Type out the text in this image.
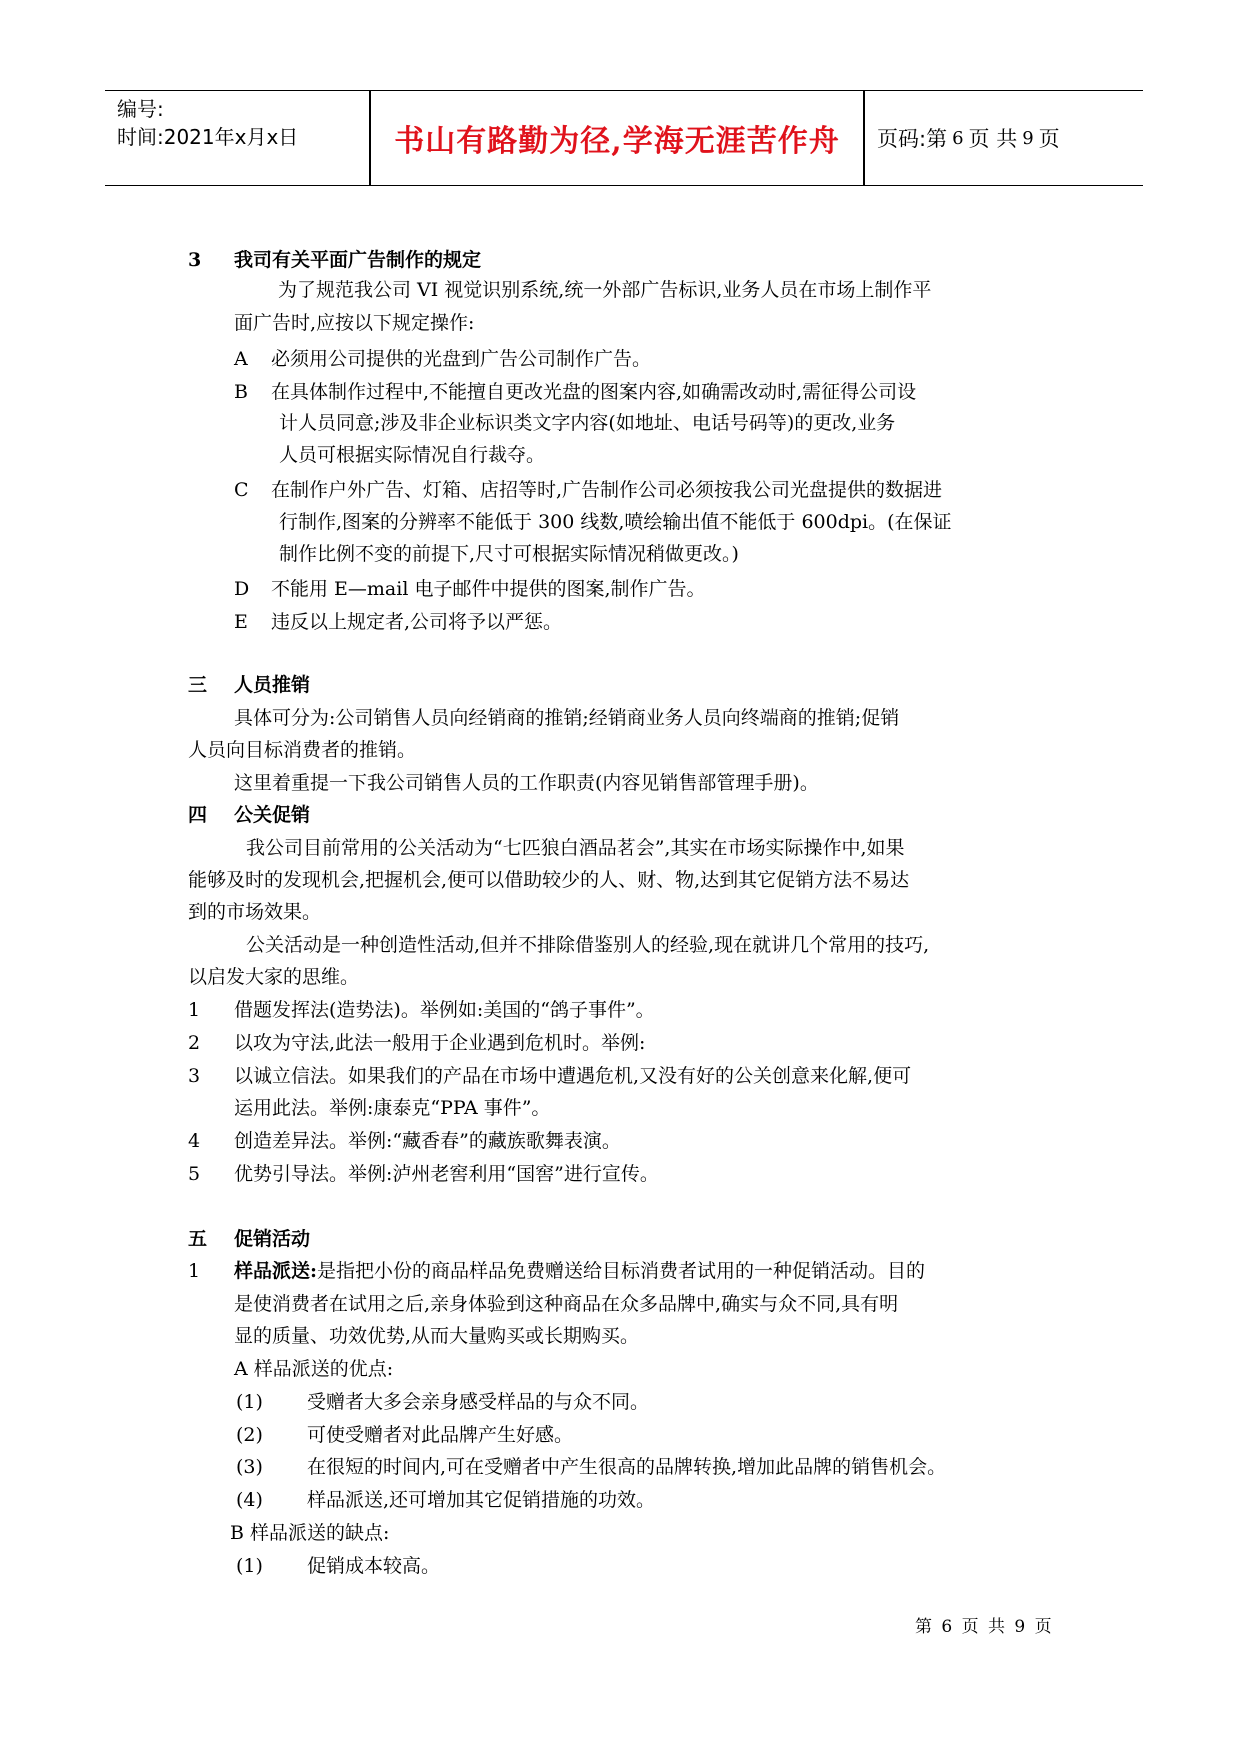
编号:
时间:2021年x月x日	书山有路勤为径,学海无涯苦作舟	页码:第 6 页 共 9 页
3 我司有关平面广告制作的规定
为了规范我公司 VI 视觉识别系统,统一外部广告标识,业务人员在市场上制作平
面广告时,应按以下规定操作:
A 必须用公司提供的光盘到广告公司制作广告。
B 在具体制作过程中,不能擅自更改光盘的图案内容,如确需改动时,需征得公司设
计人员同意;涉及非企业标识类文字内容(如地址、电话号码等)的更改,业务
人员可根据实际情况自行裁夺。
C 在制作户外广告、灯箱、店招等时,广告制作公司必须按我公司光盘提供的数据进
行制作,图案的分辨率不能低于 300 线数,喷绘输出值不能低于 600dpi。(在保证
制作比例不变的前提下,尺寸可根据实际情况稍做更改。)
D 不能用 E—mail 电子邮件中提供的图案,制作广告。
E 违反以上规定者,公司将予以严惩。
三 人员推销
具体可分为:公司销售人员向经销商的推销;经销商业务人员向终端商的推销;促销
人员向目标消费者的推销。
这里着重提一下我公司销售人员的工作职责(内容见销售部管理手册)。
四 公关促销
我公司目前常用的公关活动为“七匹狼白酒品茗会”,其实在市场实际操作中,如果
能够及时的发现机会,把握机会,便可以借助较少的人、财、物,达到其它促销方法不易达
到的市场效果。
公关活动是一种创造性活动,但并不排除借鉴别人的经验,现在就讲几个常用的技巧,
以启发大家的思维。
1 借题发挥法(造势法)。举例如:美国的“鸽子事件”。
2 以攻为守法,此法一般用于企业遇到危机时。举例:
3 以诚立信法。如果我们的产品在市场中遭遇危机,又没有好的公关创意来化解,便可
运用此法。举例:康泰克“PPA 事件”。
4 创造差异法。举例:“藏香春”的藏族歌舞表演。
5 优势引导法。举例:泸州老窖利用“国窖”进行宣传。
五 促销活动
1 样品派送:是指把小份的商品样品免费赠送给目标消费者试用的一种促销活动。目的
是使消费者在试用之后,亲身体验到这种商品在众多品牌中,确实与众不同,具有明
显的质量、功效优势,从而大量购买或长期购买。
A 样品派送的优点:
(1) 受赠者大多会亲身感受样品的与众不同。
(2) 可使受赠者对此品牌产生好感。
(3) 在很短的时间内,可在受赠者中产生很高的品牌转换,增加此品牌的销售机会。
(4) 样品派送,还可增加其它促销措施的功效。
B 样品派送的缺点:
(1) 促销成本较高。
第 6 页 共 9 页
